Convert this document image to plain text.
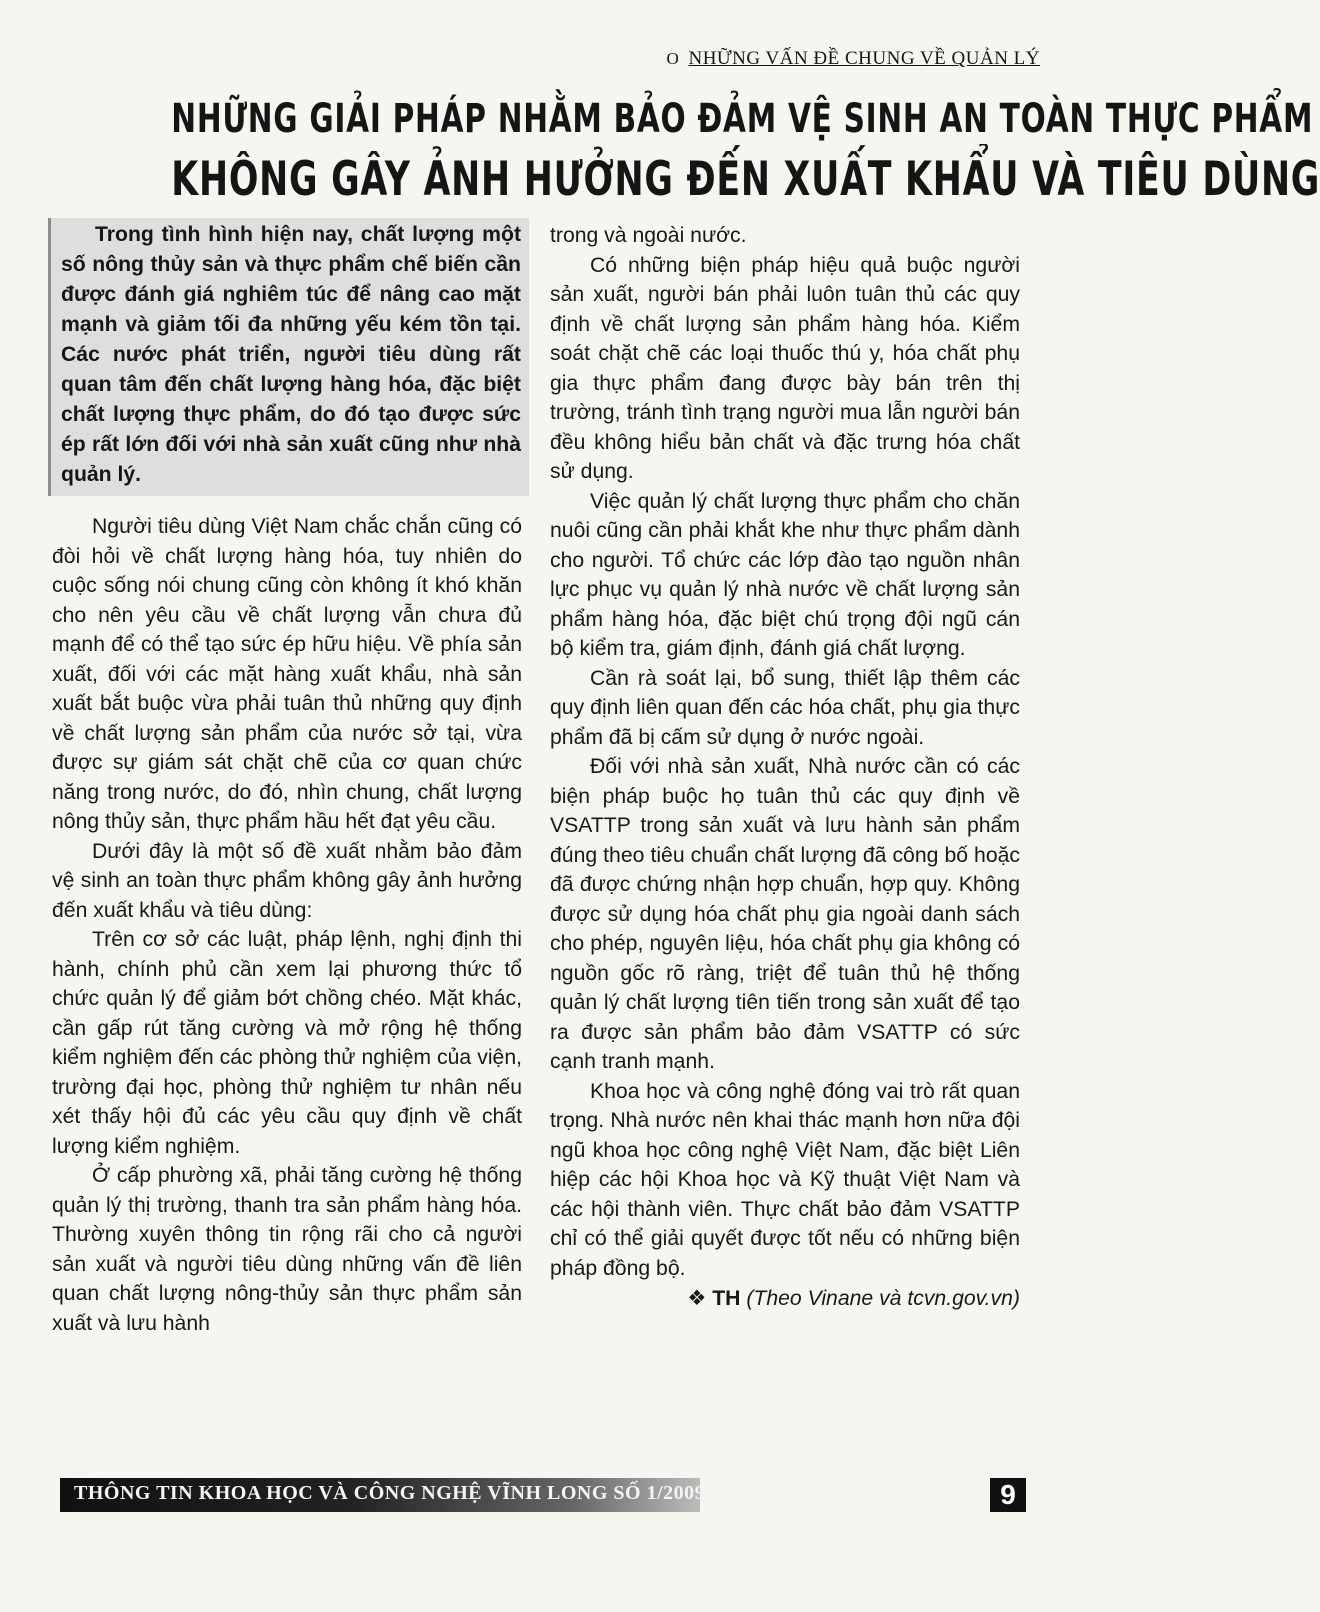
O NHỮNG VẤN ĐỀ CHUNG VỀ QUẢN LÝ
NHỮNG GIẢI PHÁP NHẰM BẢO ĐẢM VỆ SINH AN TOÀN THỰC PHẨM
KHÔNG GÂY ẢNH HƯỞNG ĐẾN XUẤT KHẨU VÀ TIÊU DÙNG

Trong tình hình hiện nay, chất lượng một số nông thủy sản và thực phẩm chế biến cần được đánh giá nghiêm túc để nâng cao mặt mạnh và giảm tối đa những yếu kém tồn tại. Các nước phát triển, người tiêu dùng rất quan tâm đến chất lượng hàng hóa, đặc biệt chất lượng thực phẩm, do đó tạo được sức ép rất lớn đối với nhà sản xuất cũng như nhà quản lý.

Người tiêu dùng Việt Nam chắc chắn cũng có đòi hỏi về chất lượng hàng hóa, tuy nhiên do cuộc sống nói chung cũng còn không ít khó khăn cho nên yêu cầu về chất lượng vẫn chưa đủ mạnh để có thể tạo sức ép hữu hiệu. Về phía sản xuất, đối với các mặt hàng xuất khẩu, nhà sản xuất bắt buộc vừa phải tuân thủ những quy định về chất lượng sản phẩm của nước sở tại, vừa được sự giám sát chặt chẽ của cơ quan chức năng trong nước, do đó, nhìn chung, chất lượng nông thủy sản, thực phẩm hầu hết đạt yêu cầu.

Dưới đây là một số đề xuất nhằm bảo đảm vệ sinh an toàn thực phẩm không gây ảnh hưởng đến xuất khẩu và tiêu dùng:

Trên cơ sở các luật, pháp lệnh, nghị định thi hành, chính phủ cần xem lại phương thức tổ chức quản lý để giảm bớt chồng chéo. Mặt khác, cần gấp rút tăng cường và mở rộng hệ thống kiểm nghiệm đến các phòng thử nghiệm của viện, trường đại học, phòng thử nghiệm tư nhân nếu xét thấy hội đủ các yêu cầu quy định về chất lượng kiểm nghiệm.

Ở cấp phường xã, phải tăng cường hệ thống quản lý thị trường, thanh tra sản phẩm hàng hóa. Thường xuyên thông tin rộng rãi cho cả người sản xuất và người tiêu dùng những vấn đề liên quan chất lượng nông-thủy sản thực phẩm sản xuất và lưu hành

trong và ngoài nước.

Có những biện pháp hiệu quả buộc người sản xuất, người bán phải luôn tuân thủ các quy định về chất lượng sản phẩm hàng hóa. Kiểm soát chặt chẽ các loại thuốc thú y, hóa chất phụ gia thực phẩm đang được bày bán trên thị trường, tránh tình trạng người mua lẫn người bán đều không hiểu bản chất và đặc trưng hóa chất sử dụng.

Việc quản lý chất lượng thực phẩm cho chăn nuôi cũng cần phải khắt khe như thực phẩm dành cho người. Tổ chức các lớp đào tạo nguồn nhân lực phục vụ quản lý nhà nước về chất lượng sản phẩm hàng hóa, đặc biệt chú trọng đội ngũ cán bộ kiểm tra, giám định, đánh giá chất lượng.

Cần rà soát lại, bổ sung, thiết lập thêm các quy định liên quan đến các hóa chất, phụ gia thực phẩm đã bị cấm sử dụng ở nước ngoài.

Đối với nhà sản xuất, Nhà nước cần có các biện pháp buộc họ tuân thủ các quy định về VSATTP trong sản xuất và lưu hành sản phẩm đúng theo tiêu chuẩn chất lượng đã công bố hoặc đã được chứng nhận hợp chuẩn, hợp quy. Không được sử dụng hóa chất phụ gia ngoài danh sách cho phép, nguyên liệu, hóa chất phụ gia không có nguồn gốc rõ ràng, triệt để tuân thủ hệ thống quản lý chất lượng tiên tiến trong sản xuất để tạo ra được sản phẩm bảo đảm VSATTP có sức cạnh tranh mạnh.

Khoa học và công nghệ đóng vai trò rất quan trọng. Nhà nước nên khai thác mạnh hơn nữa đội ngũ khoa học công nghệ Việt Nam, đặc biệt Liên hiệp các hội Khoa học và Kỹ thuật Việt Nam và các hội thành viên. Thực chất bảo đảm VSATTP chỉ có thể giải quyết được tốt nếu có những biện pháp đồng bộ.

❖ TH (Theo Vinane và tcvn.gov.vn)
THÔNG TIN KHOA HỌC VÀ CÔNG NGHỆ VĨNH LONG SỐ 1/2009	9
